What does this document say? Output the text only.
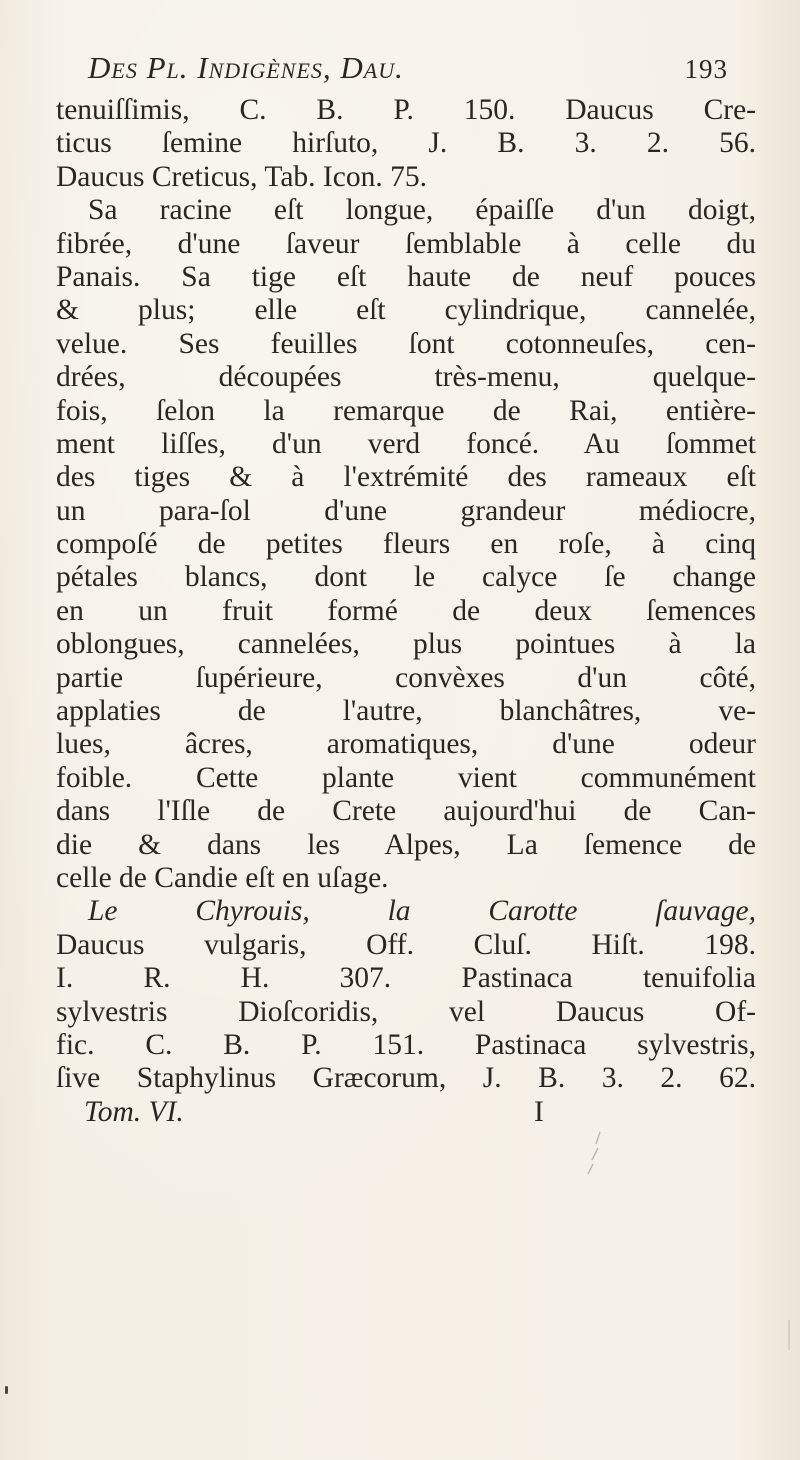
Des Pl. Indigènes, Dau.	193
tenuiſſimis, C. B. P. 150. Daucus Cre-
ticus ſemine hirſuto, J. B. 3. 2. 56.
Daucus Creticus, Tab. Icon. 75.
Sa racine eſt longue, épaiſſe d'un doigt,
fibrée, d'une ſaveur ſemblable à celle du
Panais. Sa tige eſt haute de neuf pouces
& plus; elle eſt cylindrique, cannelée,
velue. Ses feuilles ſont cotonneuſes, cen-
drées, découpées très-menu, quelque-
fois, ſelon la remarque de Rai, entière-
ment liſſes, d'un verd foncé. Au ſommet
des tiges & à l'extrémité des rameaux eſt
un para-ſol d'une grandeur médiocre,
compoſé de petites fleurs en roſe, à cinq
pétales blancs, dont le calyce ſe change
en un fruit formé de deux ſemences
oblongues, cannelées, plus pointues à la
partie ſupérieure, convèxes d'un côté,
applaties de l'autre, blanchâtres, ve-
lues, âcres, aromatiques, d'une odeur
foible. Cette plante vient communément
dans l'Iſle de Crete aujourd'hui de Can-
die & dans les Alpes, La ſemence de
celle de Candie eſt en uſage.
Le Chyrouis, la Carotte ſauvage,
Daucus vulgaris, Off. Cluſ. Hiſt. 198.
I. R. H. 307. Pastinaca tenuifolia
sylvestris Dioſcoridis, vel Daucus Of-
fic. C. B. P. 151. Pastinaca sylvestris,
ſive Staphylinus Græcorum, J. B. 3. 2. 62.
Tom. VI.	I
